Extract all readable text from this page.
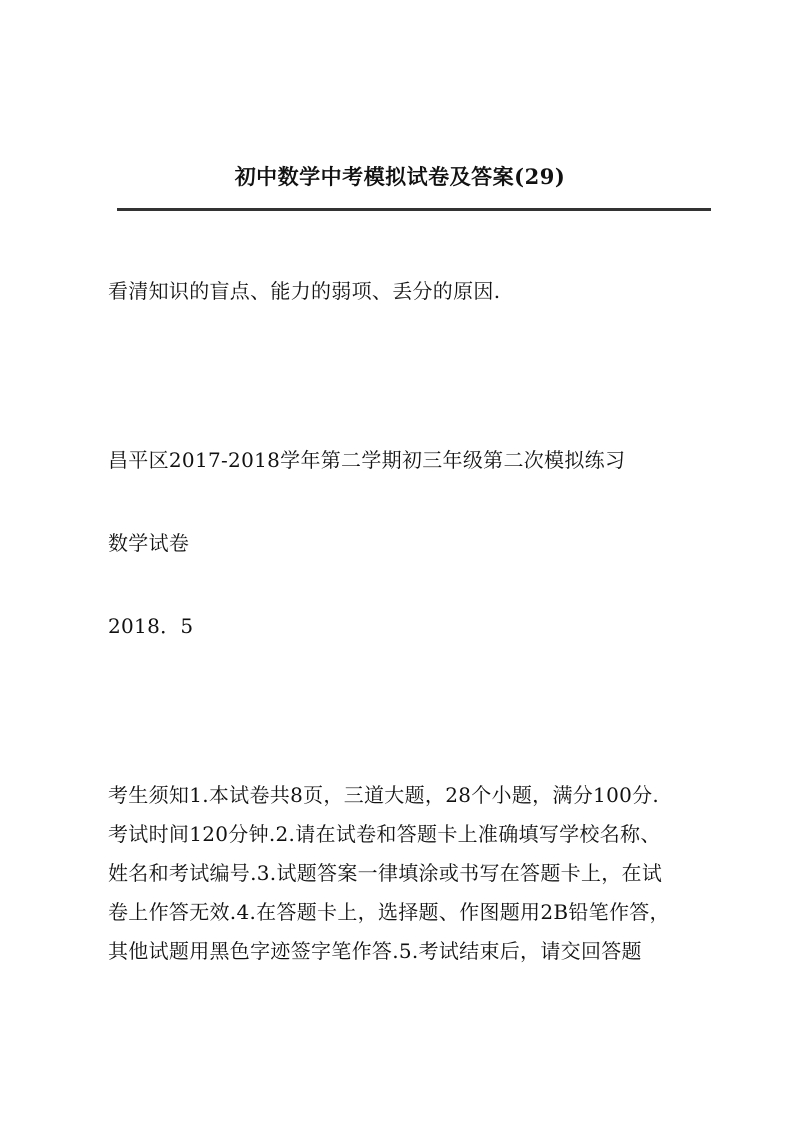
初中数学中考模拟试卷及答案(29)
看清知识的盲点、能力的弱项、丢分的原因.
昌平区2017-2018学年第二学期初三年级第二次模拟练习
数学试卷
2018．5
考生须知1.本试卷共8页，三道大题，28个小题，满分100分.
考试时间120分钟.2.请在试卷和答题卡上准确填写学校名称、
姓名和考试编号.3.试题答案一律填涂或书写在答题卡上，在试
卷上作答无效.4.在答题卡上，选择题、作图题用2B铅笔作答，
其他试题用黑色字迹签字笔作答.5.考试结束后，请交回答题
